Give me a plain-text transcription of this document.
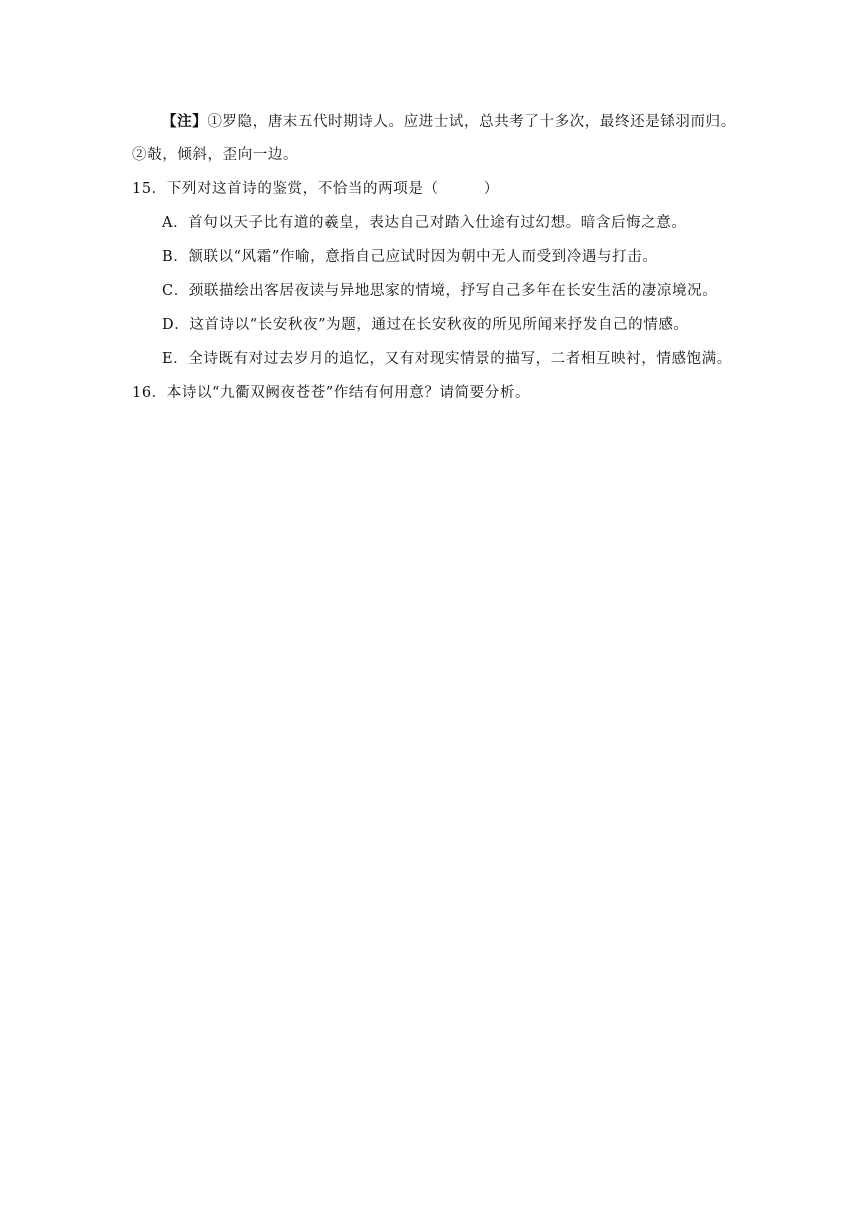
【注】①罗隐，唐末五代时期诗人。应进士试，总共考了十多次，最终还是铩羽而归。
②攲，倾斜，歪向一边。
15．下列对这首诗的鉴赏，不恰当的两项是（　　　）
A．首句以天子比有道的羲皇，表达自己对踏入仕途有过幻想。暗含后悔之意。
B．颔联以“风霜”作喻，意指自己应试时因为朝中无人而受到冷遇与打击。
C．颈联描绘出客居夜读与异地思家的情境，抒写自己多年在长安生活的凄凉境况。
D．这首诗以“长安秋夜”为题，通过在长安秋夜的所见所闻来抒发自己的情感。
E．全诗既有对过去岁月的追忆，又有对现实情景的描写，二者相互映衬，情感饱满。
16．本诗以“九衢双阙夜苍苍”作结有何用意？请简要分析。
